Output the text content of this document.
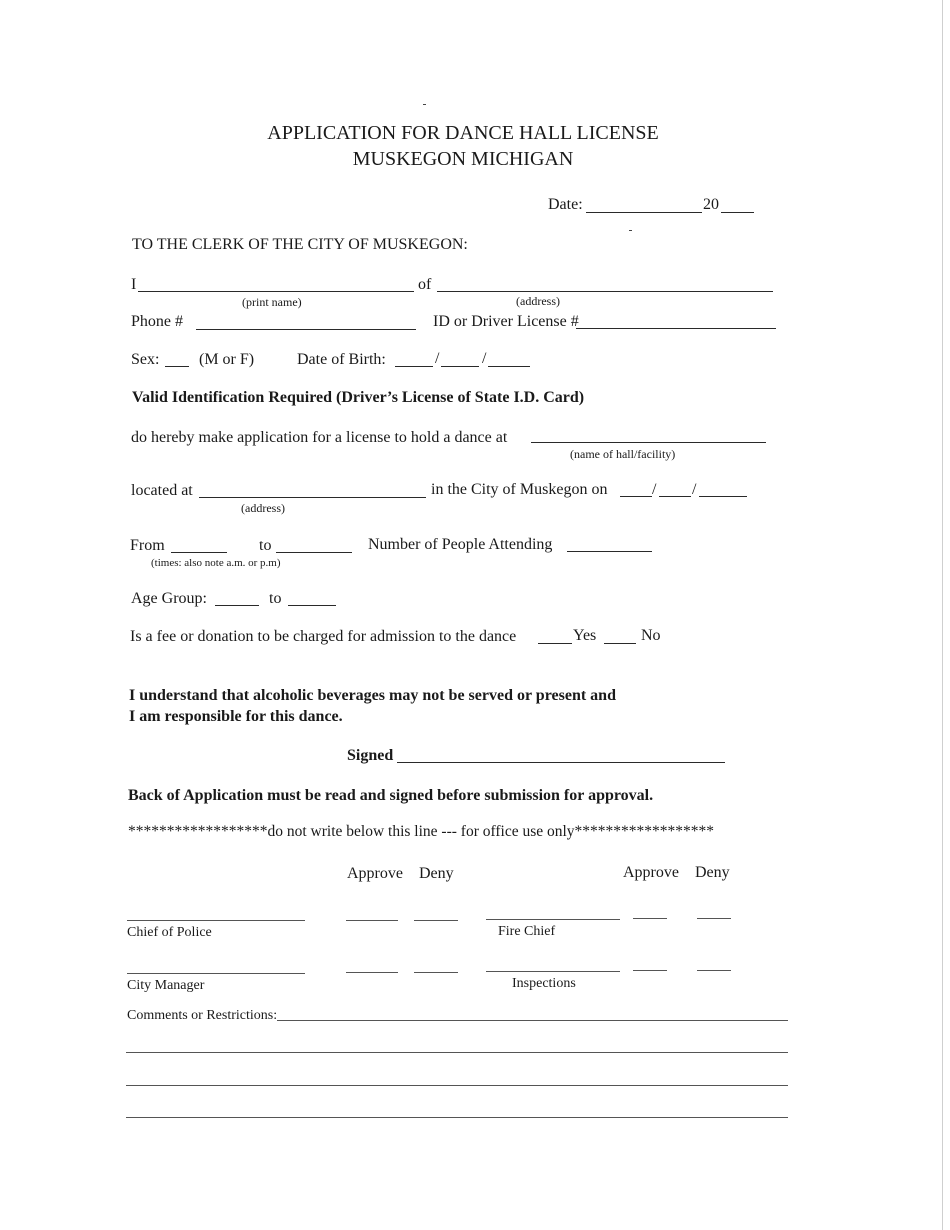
APPLICATION FOR DANCE HALL LICENSE
MUSKEGON MICHIGAN
Date:	20
TO THE CLERK OF THE CITY OF MUSKEGON:
I	of
(print name)	(address)
Phone #	ID or Driver License #
Sex: (M or F)	Date of Birth:	/	/
Valid Identification Required (Driver’s License of State I.D. Card)
do hereby make application for a license to hold a dance at
(name of hall/facility)
located at	in the City of Muskegon on	/ /
(address)
From	to	Number of People Attending
(times: also note a.m. or p.m)
Age Group:	to
Is a fee or donation to be charged for admission to the dance	Yes	No
I understand that alcoholic beverages may not be served or present and
I am responsible for this dance.
Signed
Back of Application must be read and signed before submission for approval.
******************do not write below this line --- for office use only******************
Approve Deny	Approve Deny
Chief of Police	Fire Chief
City Manager	Inspections
Comments or Restrictions:
